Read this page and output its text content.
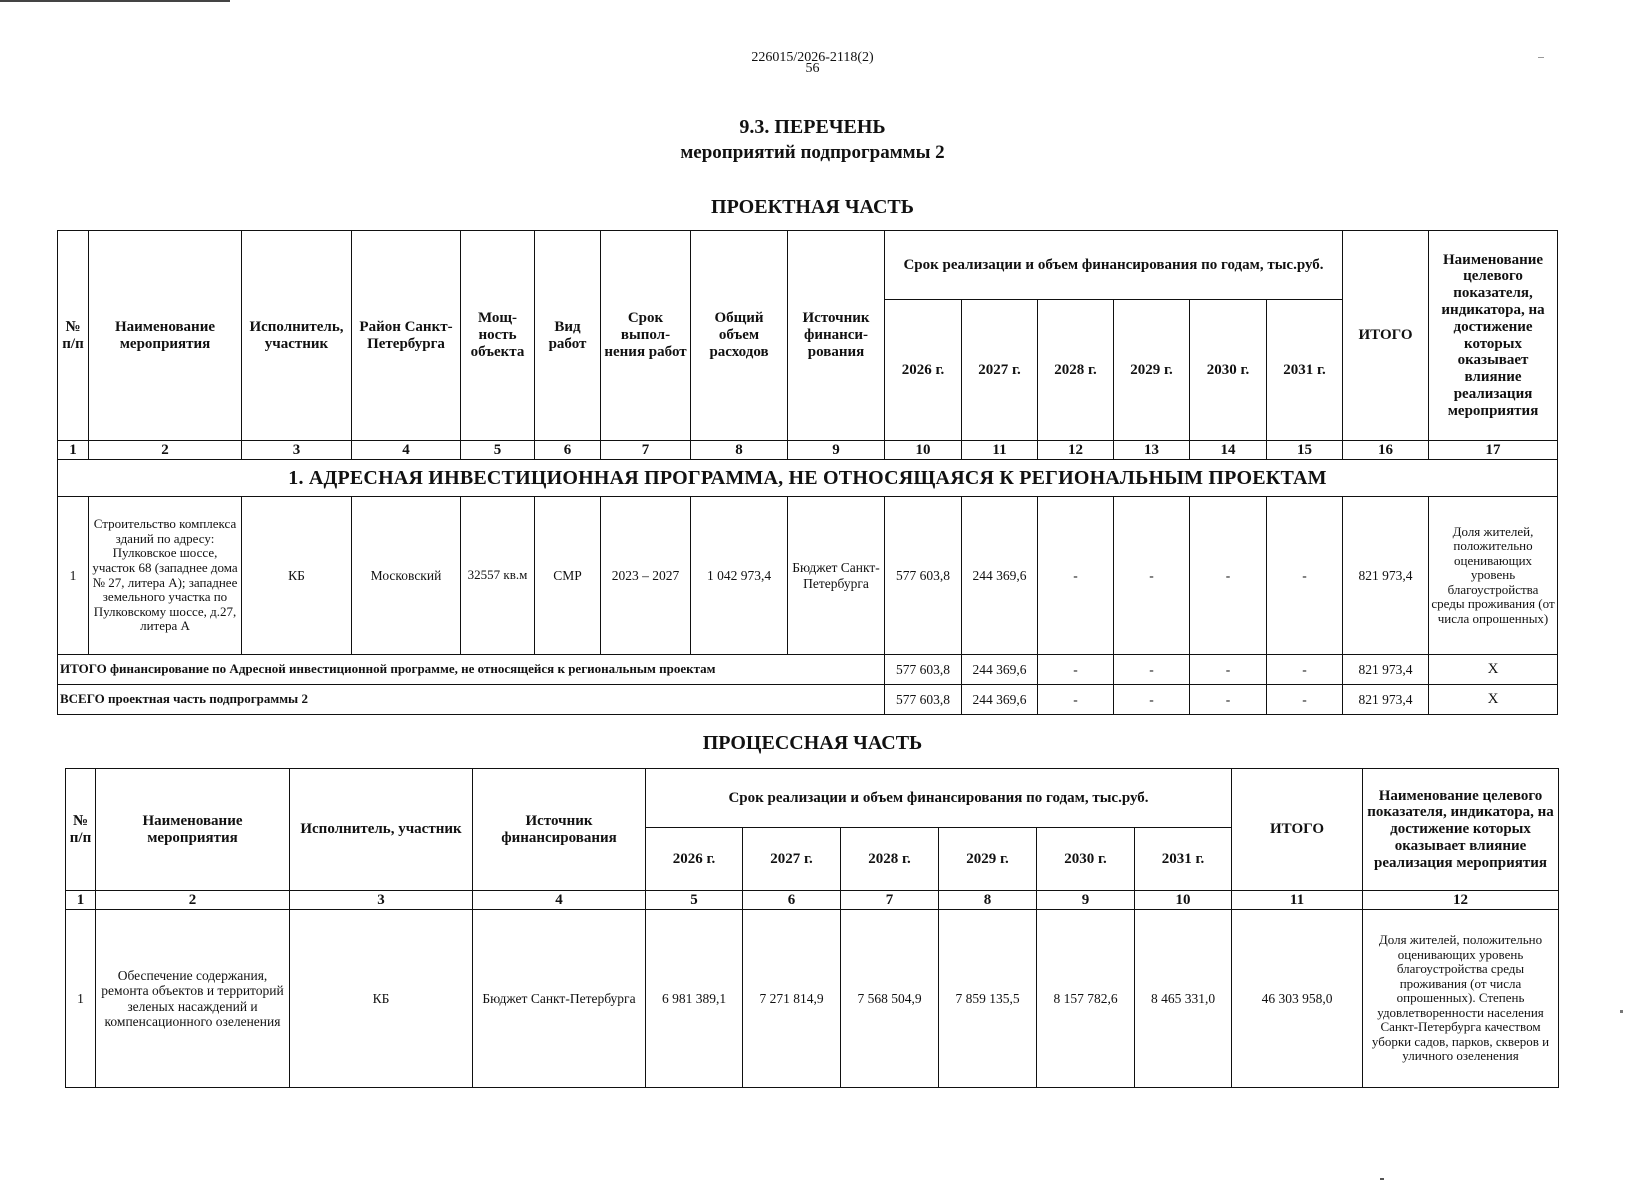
226015/2026-2118(2)
56
9.3. ПЕРЕЧЕНЬ
мероприятий подпрограммы 2
ПРОЕКТНАЯ ЧАСТЬ
№ п/п	Наименование мероприятия	Исполнитель, участник	Район Санкт-Петербурга	Мощ-ность объекта	Вид работ	Срок выпол-нения работ	Общий объем расходов	Источник финанси-рования	Срок реализации и объем финансирования по годам, тыс.руб.						ИТОГО	Наименование целевого показателя, индикатора, на достижение которых оказывает влияние реализация мероприятия
									2026 г.	2027 г.	2028 г.	2029 г.	2030 г.	2031 г.		
1	2	3	4	5	6	7	8	9	10	11	12	13	14	15	16	17
1. АДРЕСНАЯ ИНВЕСТИЦИОННАЯ ПРОГРАММА, НЕ ОТНОСЯЩАЯСЯ К РЕГИОНАЛЬНЫМ ПРОЕКТАМ																
1	Строительство комплекса зданий по адресу: Пулковское шоссе, участок 68 (западнее дома № 27, литера А); западнее земельного участка по Пулковскому шоссе, д.27, литера А	КБ	Московский	32557 кв.м	СМР	2023 – 2027	1 042 973,4	Бюджет Санкт-Петербурга	577 603,8	244 369,6	-	-	-	-	821 973,4	Доля жителей, положительно оценивающих уровень благоустройства среды проживания (от числа опрошенных)
ИТОГО финансирование по Адресной инвестиционной программе, не относящейся к региональным проектам									577 603,8	244 369,6	-	-	-	-	821 973,4	Х
ВСЕГО проектная часть подпрограммы 2									577 603,8	244 369,6	-	-	-	-	821 973,4	Х
ПРОЦЕССНАЯ ЧАСТЬ
№ п/п	Наименование мероприятия	Исполнитель, участник	Источник финансирования	Срок реализации и объем финансирования по годам, тыс.руб.						ИТОГО	Наименование целевого показателя, индикатора, на достижение которых оказывает влияние реализация мероприятия
				2026 г.	2027 г.	2028 г.	2029 г.	2030 г.	2031 г.		
1	2	3	4	5	6	7	8	9	10	11	12
1	Обеспечение содержания, ремонта объектов и территорий зеленых насаждений и компенсационного озеленения	КБ	Бюджет Санкт-Петербурга	6 981 389,1	7 271 814,9	7 568 504,9	7 859 135,5	8 157 782,6	8 465 331,0	46 303 958,0	Доля жителей, положительно оценивающих уровень благоустройства среды проживания (от числа опрошенных). Степень удовлетворенности населения Санкт-Петербурга качеством уборки садов, парков, скверов и уличного озеленения
